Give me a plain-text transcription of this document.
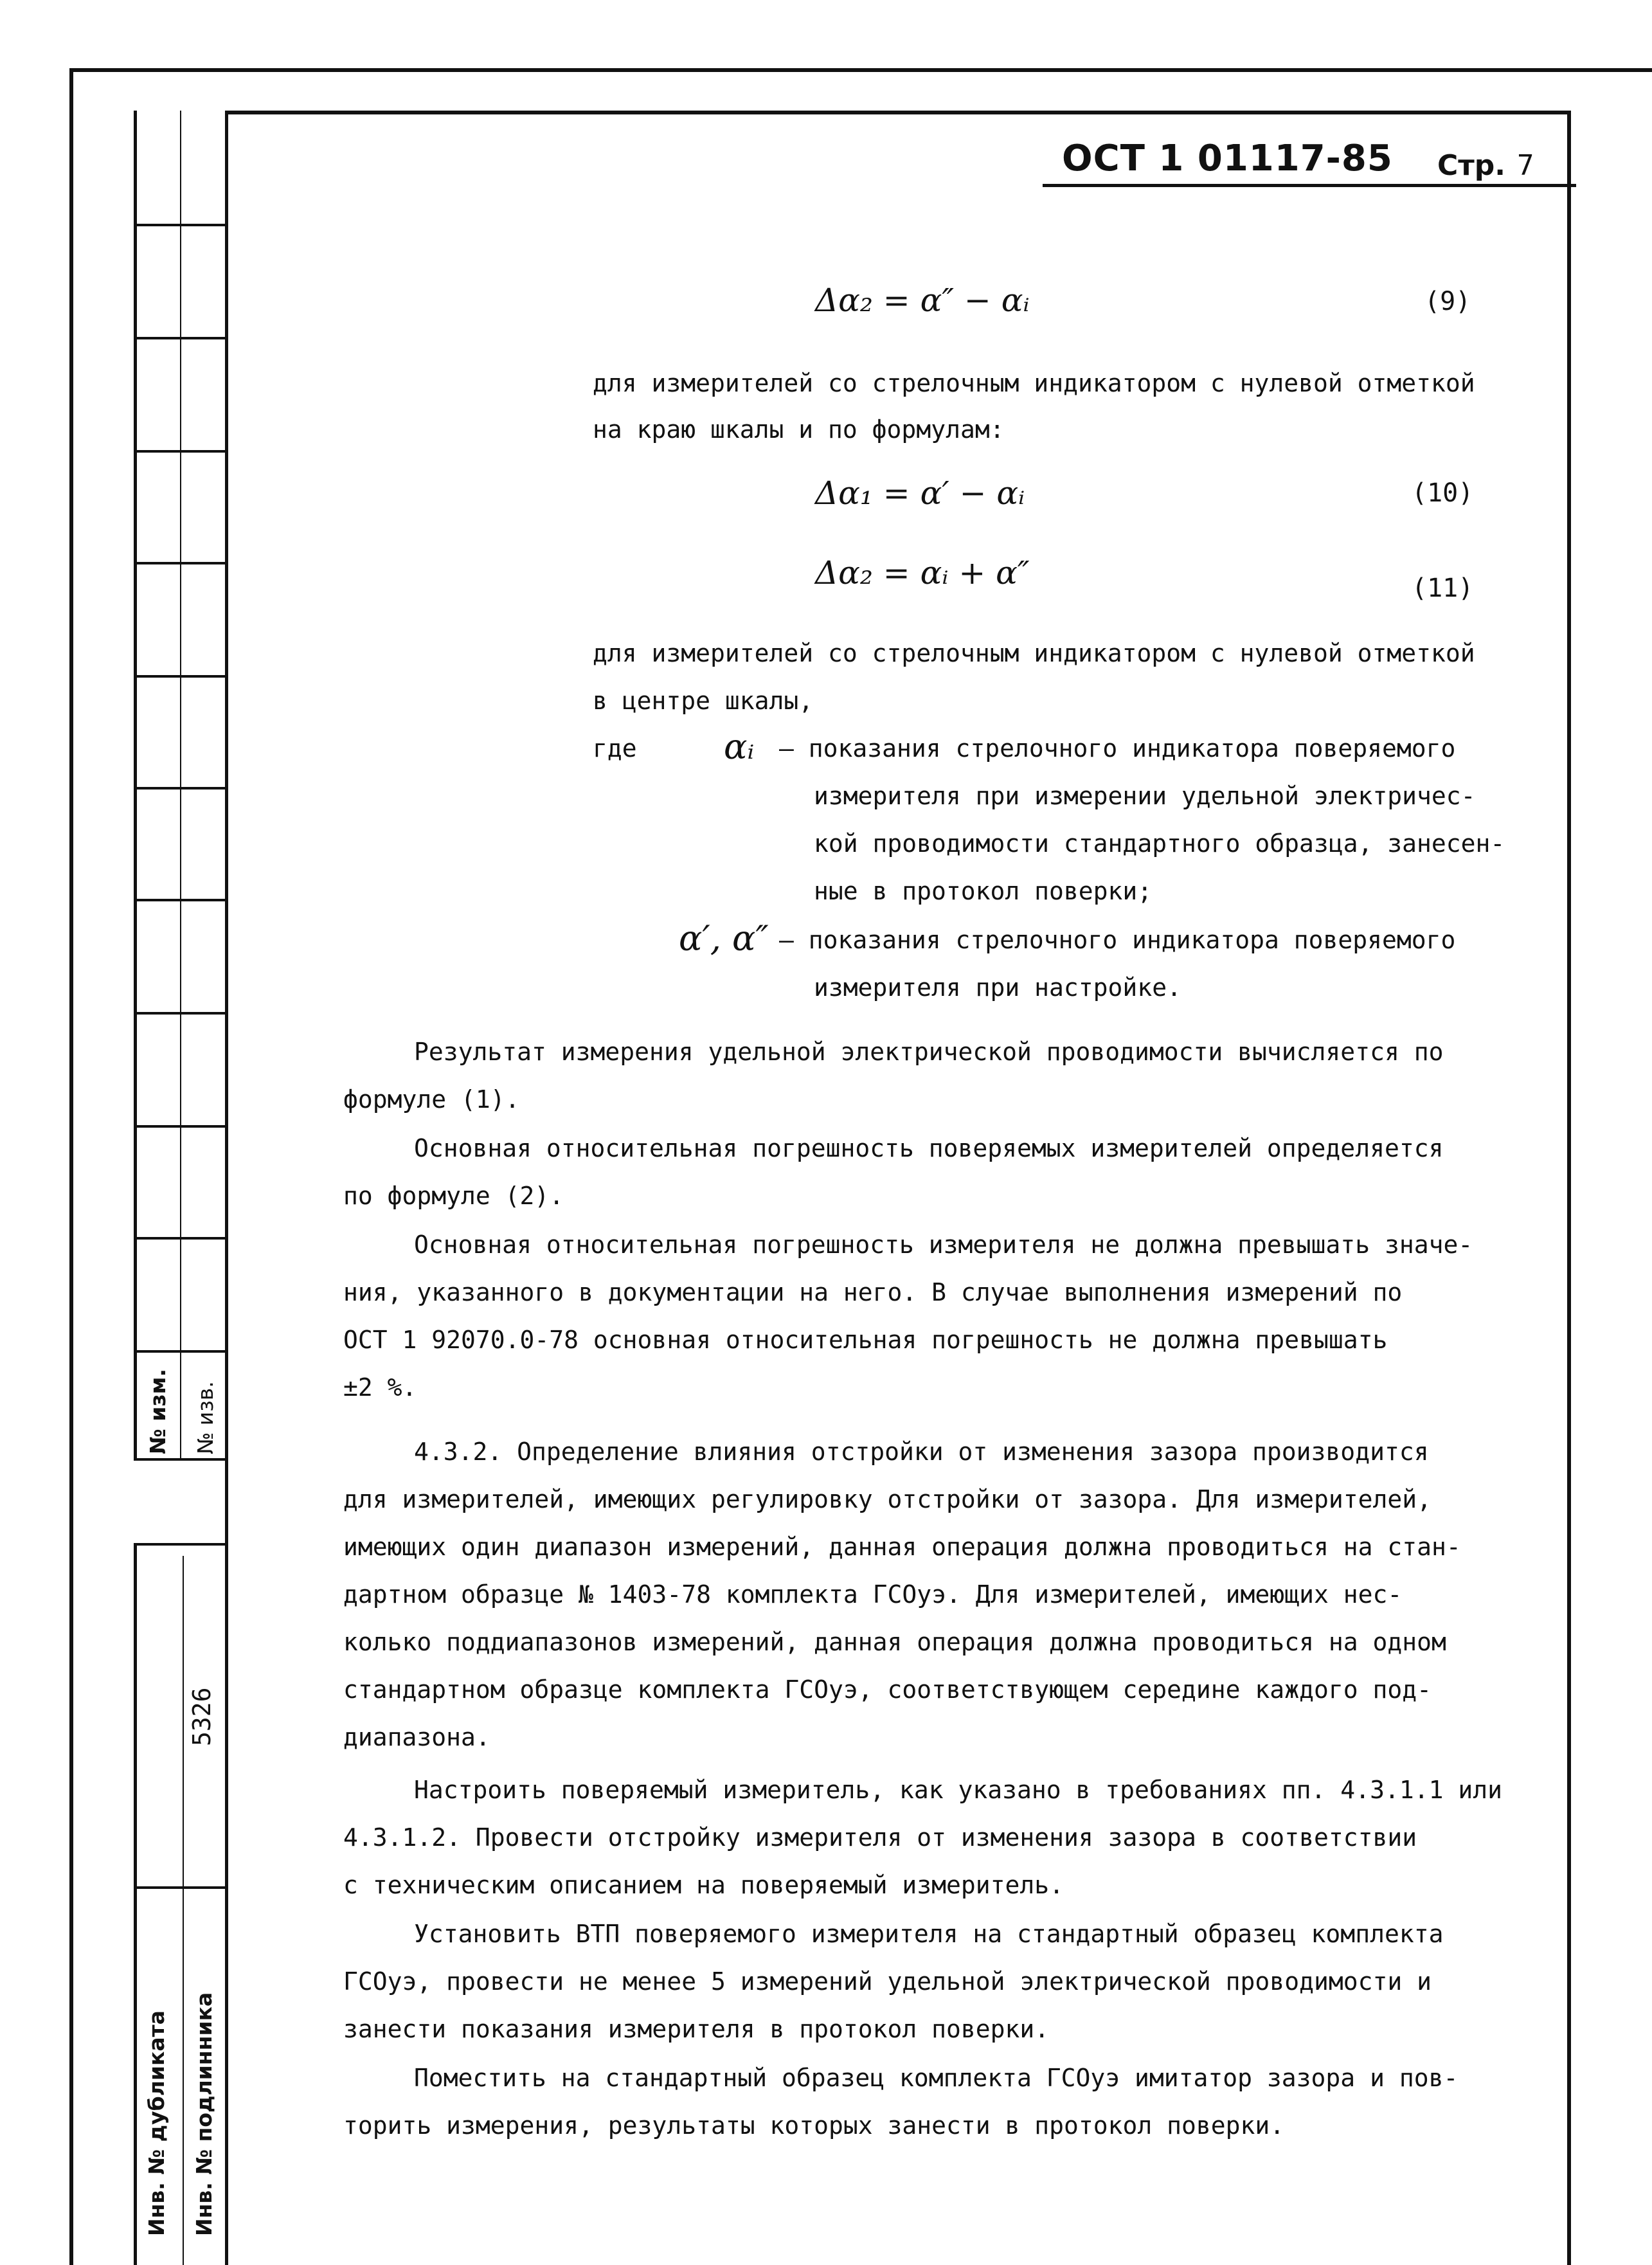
№ изм. № изв.
5326
Инв. № дубликата Инв. № подлинника
ОСТ 1 01117-85 Стр. 7
Δα₂ = α″ − αᵢ	(9)
для измерителей со стрелочным индикатором с нулевой отметкой
на краю шкалы и по формулам:
Δα₁ = α′ − αᵢ	(10)
Δα₂ = αᵢ + α″	(11)
для измерителей со стрелочным индикатором с нулевой отметкой
в центре шкалы,
где	αᵢ – показания стрелочного индикатора поверяемого
измерителя при измерении удельной электричес-
кой проводимости стандартного образца, занесен-
ные в протокол поверки;
α′, α″ – показания стрелочного индикатора поверяемого
измерителя при настройке.
Результат измерения удельной электрической проводимости вычисляется по
формуле (1).
Основная относительная погрешность поверяемых измерителей определяется
по формуле (2).
Основная относительная погрешность измерителя не должна превышать значе-
ния, указанного в документации на него. В случае выполнения измерений по
ОСТ 1 92070.0-78 основная относительная погрешность не должна превышать
±2 %.
4.3.2. Определение влияния отстройки от изменения зазора производится
для измерителей, имеющих регулировку отстройки от зазора. Для измерителей,
имеющих один диапазон измерений, данная операция должна проводиться на стан-
дартном образце № 1403-78 комплекта ГСОуэ. Для измерителей, имеющих нес-
колько поддиапазонов измерений, данная операция должна проводиться на одном
стандартном образце комплекта ГСОуэ, соответствующем середине каждого под-
диапазона.
Настроить поверяемый измеритель, как указано в требованиях пп. 4.3.1.1 или
4.3.1.2. Провести отстройку измерителя от изменения зазора в соответствии
с техническим описанием на поверяемый измеритель.
Установить ВТП поверяемого измерителя на стандартный образец комплекта
ГСОуэ, провести не менее 5 измерений удельной электрической проводимости и
занести показания измерителя в протокол поверки.
Поместить на стандартный образец комплекта ГСОуэ имитатор зазора и пов-
торить измерения, результаты которых занести в протокол поверки.
